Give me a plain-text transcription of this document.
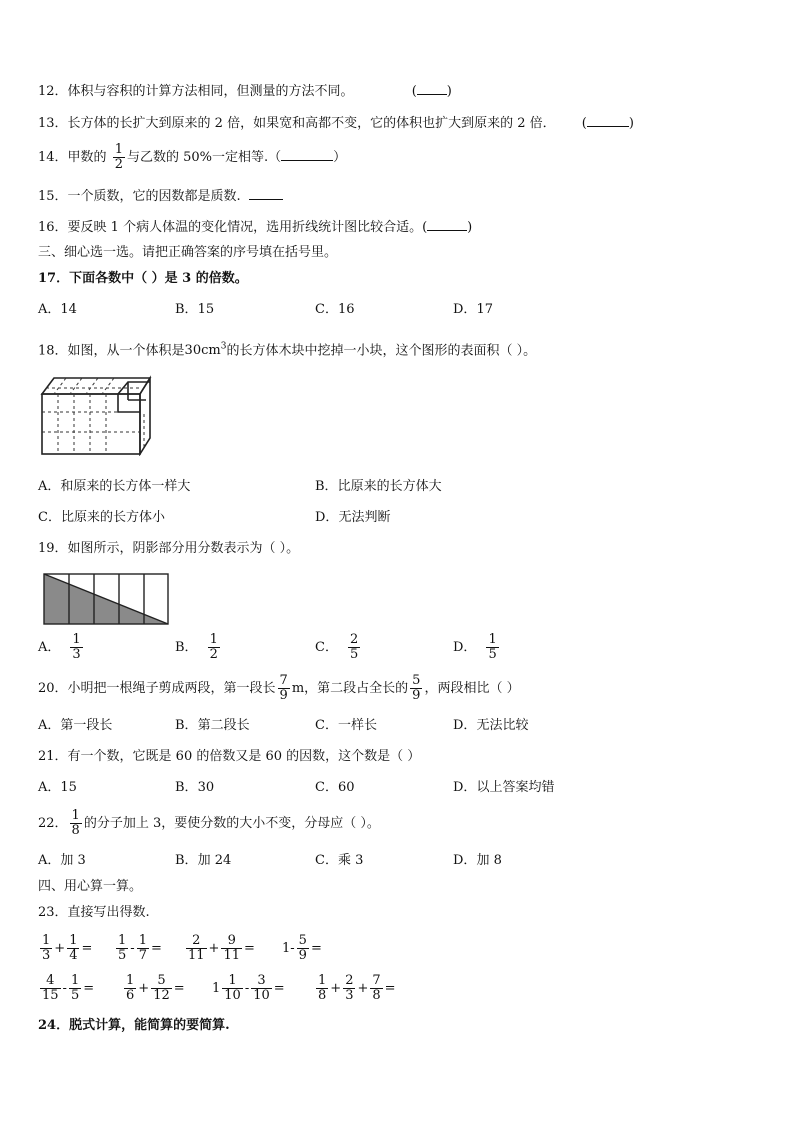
12．体积与容积的计算方法相同，但测量的方法不同。	( )
13．长方体的长扩大到原来的 2 倍，如果宽和高都不变，它的体积也扩大到原来的 2 倍． (	)
14．甲数的 $\frac{1}{2}$ 与乙数的 50%一定相等.（	）
15．一个质数，它的因数都是质数.
16．要反映 1 个病人体温的变化情况，选用折线统计图比较合适。(	)
三、细心选一选。请把正确答案的序号填在括号里。
17．下面各数中（ ）是 3 的倍数。
A．14	B．15	C．16	D．17
18．如图，从一个体积是$30cm^3$的长方体木块中挖掉一小块，这个图形的表面积（ ）。
A．和原来的长方体一样大	B．比原来的长方体大
C．比原来的长方体小	D．无法判断
19．如图所示，阴影部分用分数表示为（ ）。
A． $\frac{1}{3}$	B． $\frac{1}{2}$	C． $\frac{2}{5}$	D． $\frac{1}{5}$
20．小明把一根绳子剪成两段，第一段长 $\frac{7}{9}$ m，第二段占全长的 $\frac{5}{9}$ ，两段相比（ ）
A．第一段长	B．第二段长	C．一样长	D．无法比较
21．有一个数，它既是 60 的倍数又是 60 的因数，这个数是（ ）
A．15	B．30	C．60	D．以上答案均错
22． $\frac{1}{8}$ 的分子加上 3，要使分数的大小不变，分母应（ ）。
A．加 3	B．加 24	C．乘 3	D．加 8
四、用心算一算。
23．直接写出得数.
$\frac{1}{3} + \frac{1}{4} = \frac{1}{5} - \frac{1}{7} = \frac{2}{11} + \frac{9}{11} = 1- \frac{5}{9}$ =
$\frac{4}{15} - \frac{1}{5} = \frac{1}{6} + \frac{5}{12} = 1 \frac{1}{10} - \frac{3}{10} = \frac{1}{8} + \frac{2}{3} + \frac{7}{8}$ =
24．脱式计算，能简算的要简算.
